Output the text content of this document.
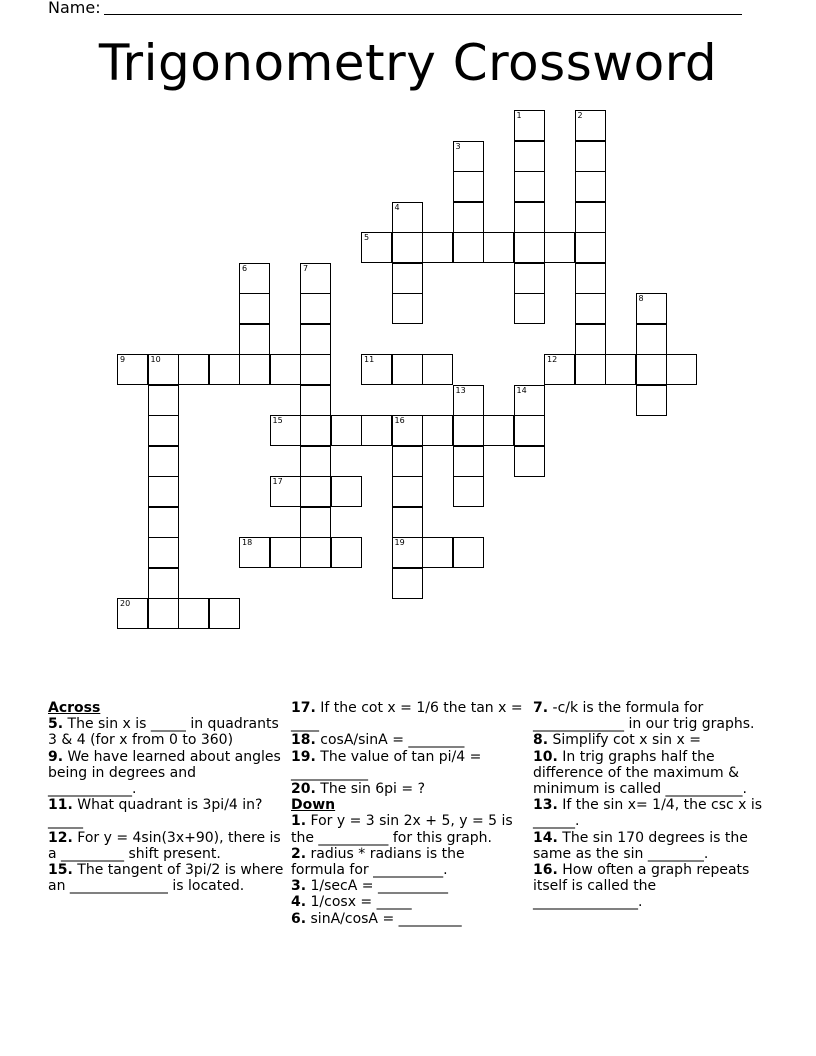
Name:
Trigonometry Crossword
5
9	10	11	12
15	16
17
18	19
20
1	2
3
4
6	7
8
13	14

Across

5. The sin x is _____ in quadrants 3 & 4 (for x from 0 to 360)

9. We have learned about angles being in degrees and ____________.

11. What quadrant is 3pi/4 in? _____

12. For y = 4sin(3x+90), there is a _________ shift present.

15. The tangent of 3pi/2 is where an ______________ is located.

17. If the cot x = 1/6 the tan x = ____

18. cosA/sinA = ________

19. The value of tan pi/4 = ___________

20. The sin 6pi = ?

Down

1. For y = 3 sin 2x + 5, y = 5 is the __________ for this graph.

2. radius * radians is the formula for __________.

3. 1/secA = __________

4. 1/cosx = _____

6. sinA/cosA = _________

7. -c/k is the formula for _____________ in our trig graphs.

8. Simplify cot x sin x =

10. In trig graphs half the difference of the maximum & minimum is called ___________.

13. If the sin x= 1/4, the csc x is ______.

14. The sin 170 degrees is the same as the sin ________.

16. How often a graph repeats itself is called the _______________.
